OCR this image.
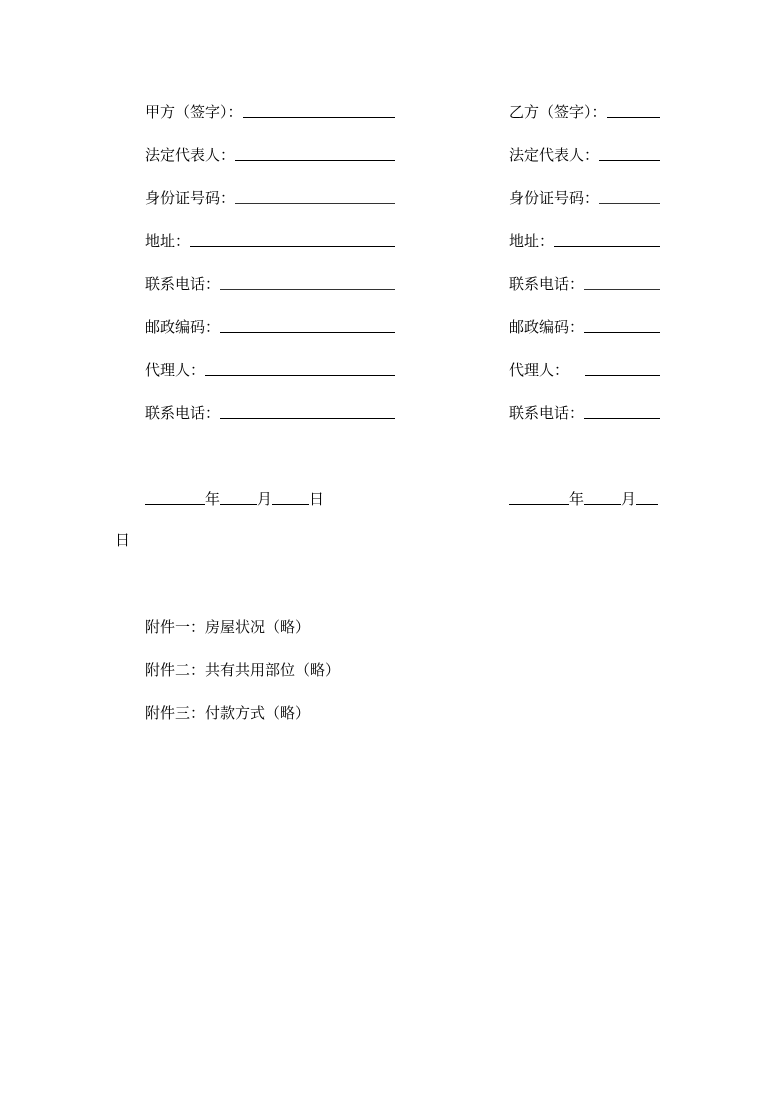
甲方（签字）：
法定代表人：
身份证号码：
地址：
联系电话：
邮政编码：
代理人：
联系电话：
乙方（签字）：
法定代表人：
身份证号码：
地址：
联系电话：
邮政编码：
代理人：
联系电话：
年 月 日	年 月
日
附件一：房屋状况（略）
附件二：共有共用部位（略）
附件三：付款方式（略）
